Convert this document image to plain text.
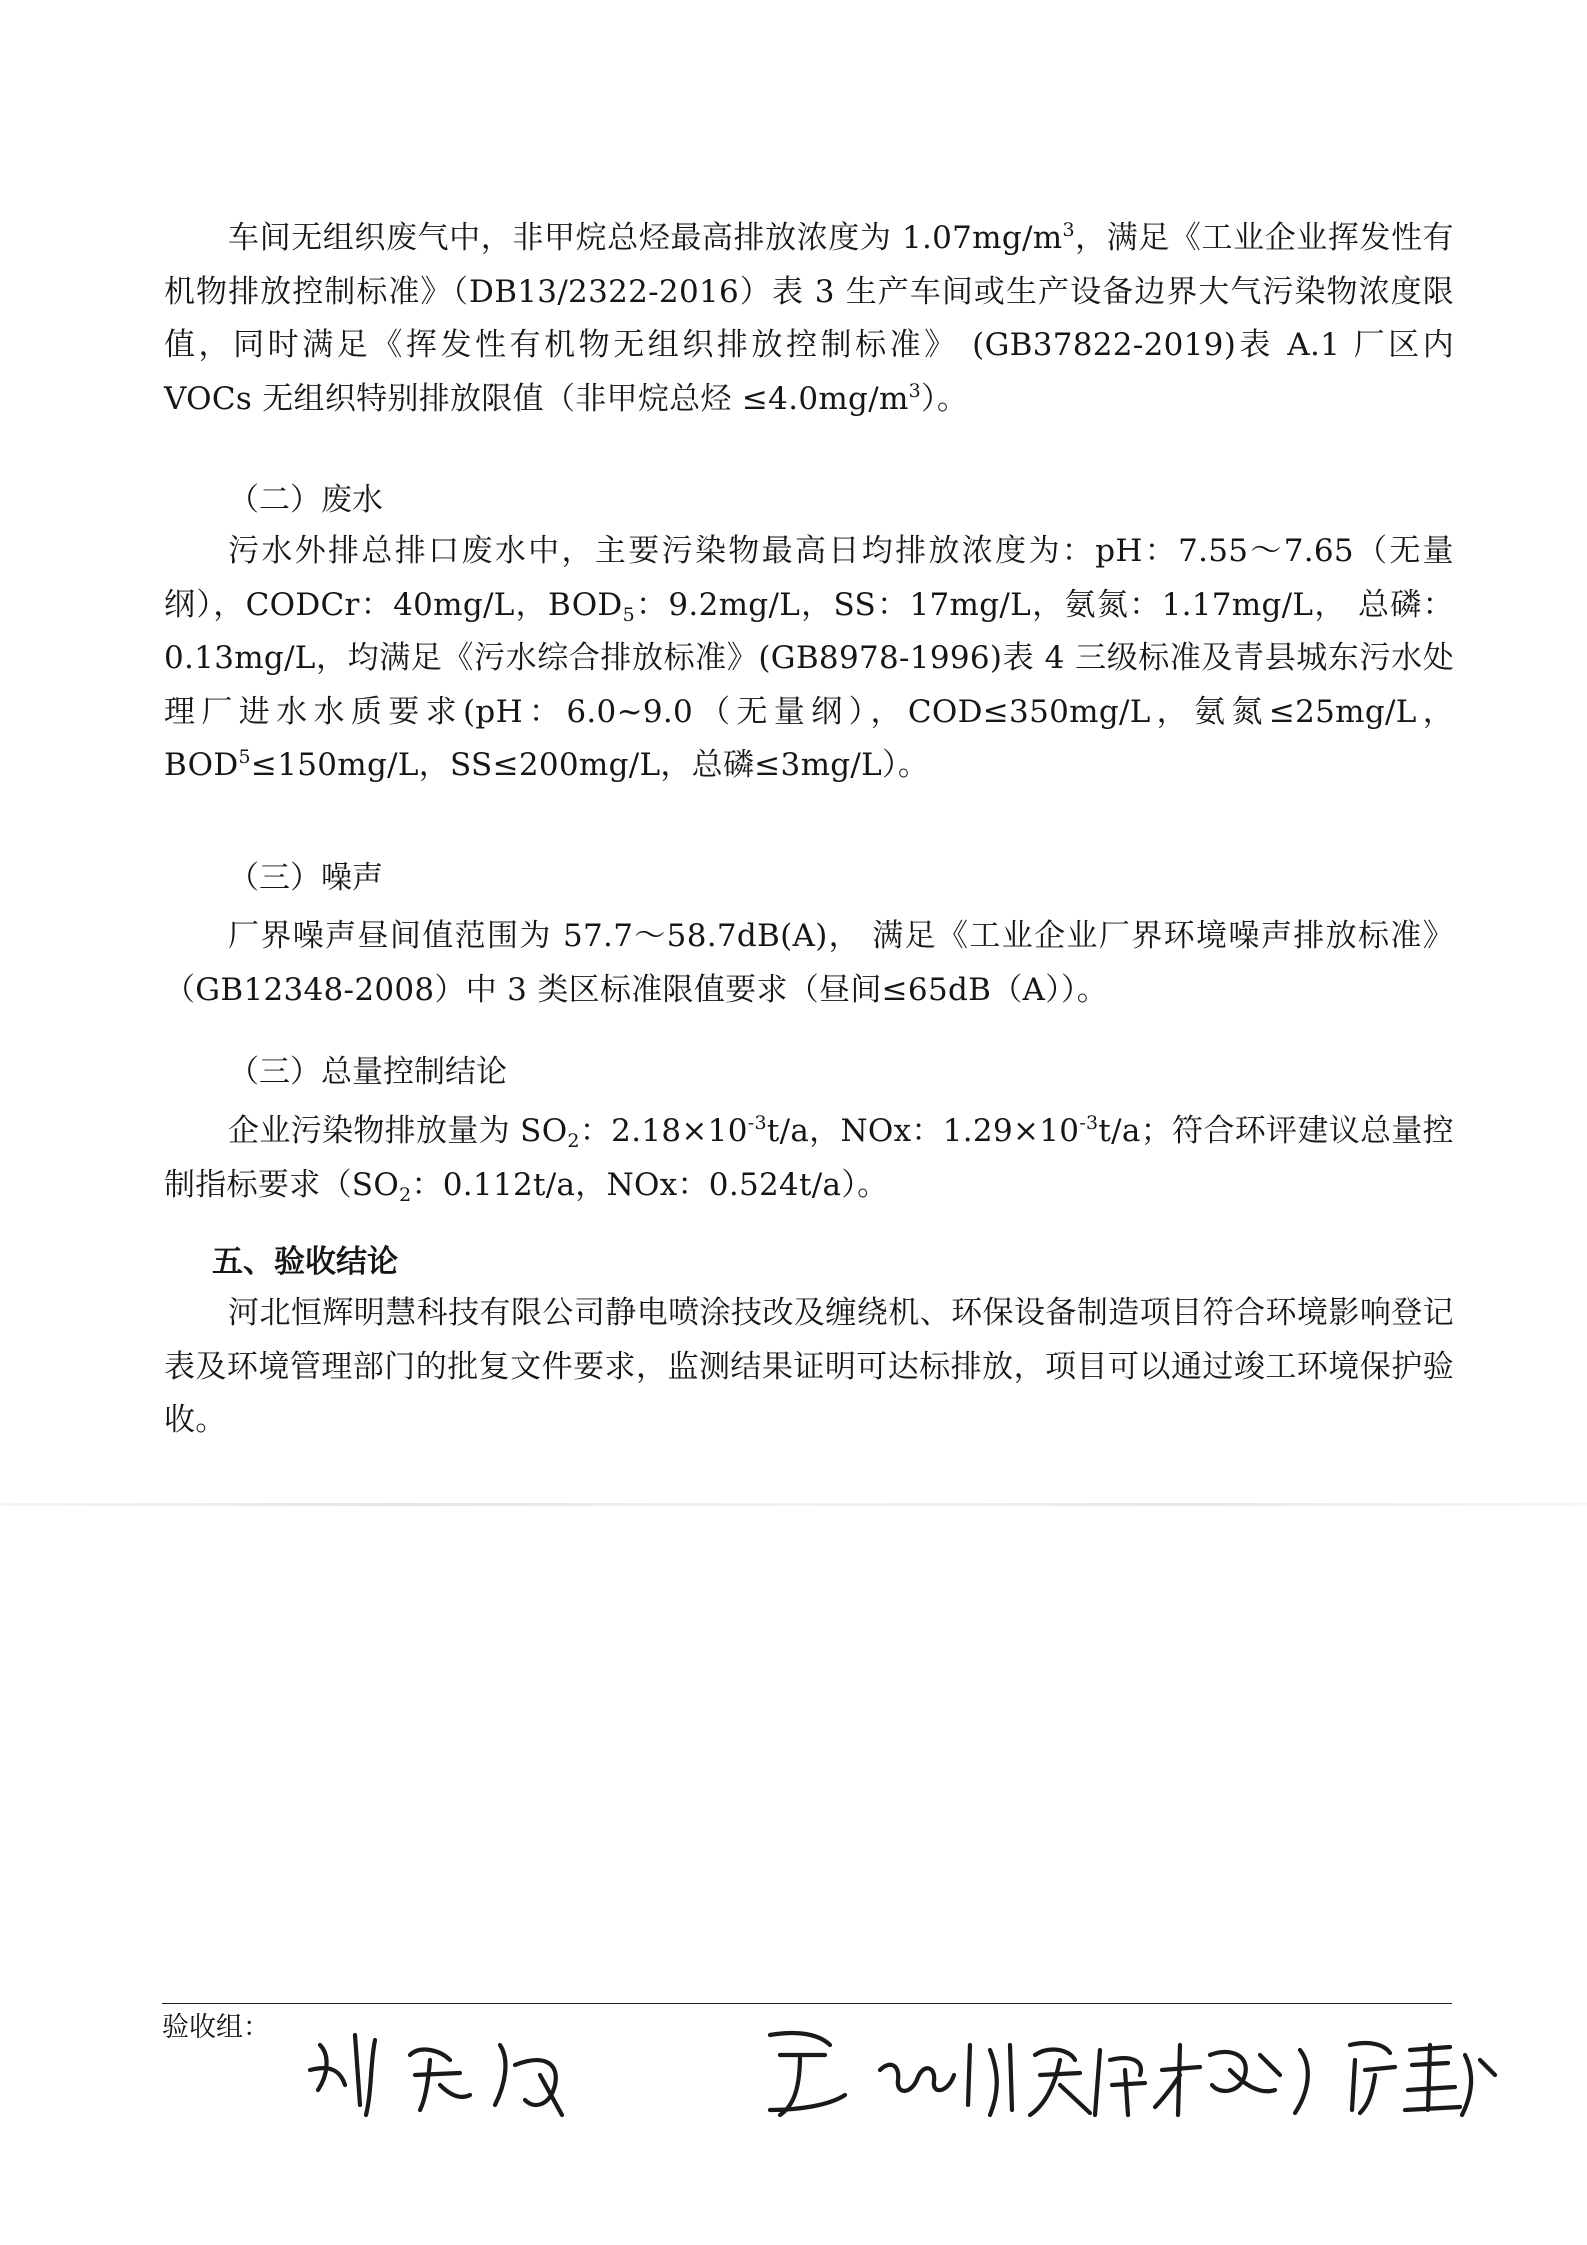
车间无组织废气中，非甲烷总烃最高排放浓度为 $1.07mg/m^3$，满足《工业企业挥发性有机物排放控制标准》（DB13/2322-2016）表 3 生产车间或生产设备边界大气污染物浓度限值，同时满足《挥发性有机物无组织排放控制标准》 (GB37822-2019)表 A.1 厂区内 VOCs 无组织特别排放限值（非甲烷总烃 $\le 4.0mg/m^3$）。

（二）废水

污水外排总排口废水中，主要污染物最高日均排放浓度为：pH：7.55～7.65（无量纲），CODCr：40mg/L，$BOD_5$：9.2mg/L，SS：17mg/L，氨氮：1.17mg/L， 总磷：0.13mg/L，均满足《污水综合排放标准》(GB8978-1996)表 4 三级标准及青县城东污水处理厂进水水质要求(pH：6.0~9.0（无量纲），COD≤350mg/L，氨氮≤25mg/L，$BOD^5\le 150mg/L$，SS≤200mg/L，总磷≤3mg/L）。

（三）噪声

厂界噪声昼间值范围为 57.7～58.7dB(A)， 满足《工业企业厂界环境噪声排放标准》（GB12348-2008）中 3 类区标准限值要求（昼间≤65dB（A））。

（三）总量控制结论

企业污染物排放量为 $SO_2$：$2.18\times 10^{-3}t/a$，NOx：$1.29\times 10^{-3}t/a$；符合环评建议总量控制指标要求（$SO_2$：0.112t/a，NOx：0.524t/a）。

五、验收结论

河北恒辉明慧科技有限公司静电喷涂技改及缠绕机、环保设备制造项目符合环境影响登记表及环境管理部门的批复文件要求，监测结果证明可达标排放，项目可以通过竣工环境保护验收。

验收组：
